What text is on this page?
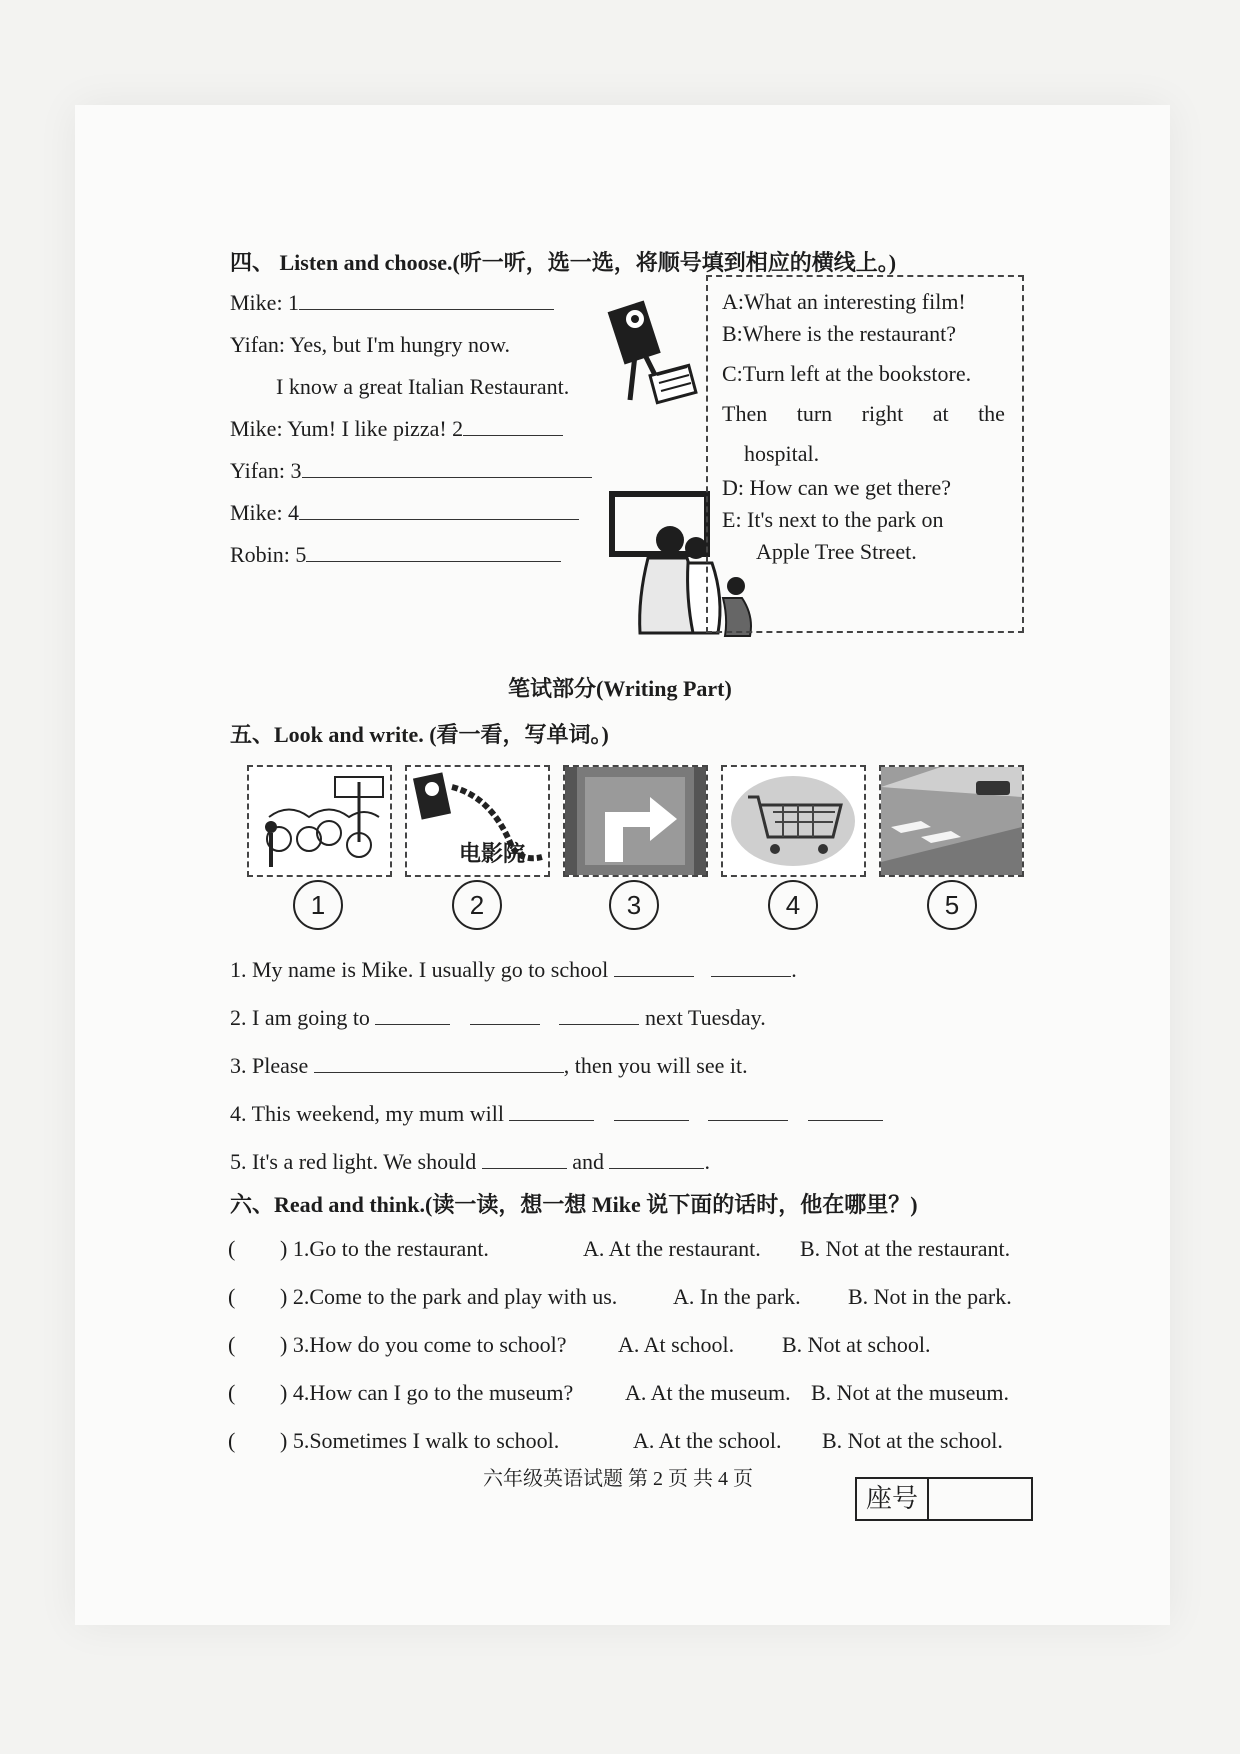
四、 Listen and choose.(听一听，选一选，将顺号填到相应的横线上。)
Mike: 1
Yifan: Yes, but I'm hungry now.
I know a great Italian Restaurant.
Mike: Yum! I like pizza! 2
Yifan: 3
Mike: 4
Robin: 5
A:What an interesting film!
B:Where is the restaurant?
C:Turn left at the bookstore.
Then turn right at the
hospital.
D: How can we get there?
E: It's next to the park on
Apple Tree Street.
笔试部分(Writing Part)
五、Look and write. (看一看，写单词。)
电影院
1	2	3	4	5
1. My name is Mike. I usually go to school	.
2. I am going to	next Tuesday.
3. Please	, then you will see it.
4. This weekend, my mum will
5. It's a red light. We should	and	.
六、Read and think.(读一读，想一想 Mike 说下面的话时，他在哪里？)
( ) 1.Go to the restaurant.	A. At the restaurant. B. Not at the restaurant.
( ) 2.Come to the park and play with us.	A. In the park. B. Not in the park.
( ) 3.How do you come to school? A. At school. B. Not at school.
( ) 4.How can I go to the museum? A. At the museum. B. Not at the museum.
( ) 5.Sometimes I walk to school.	A. At the school. B. Not at the school.
六年级英语试题 第 2 页 共 4 页
座号
